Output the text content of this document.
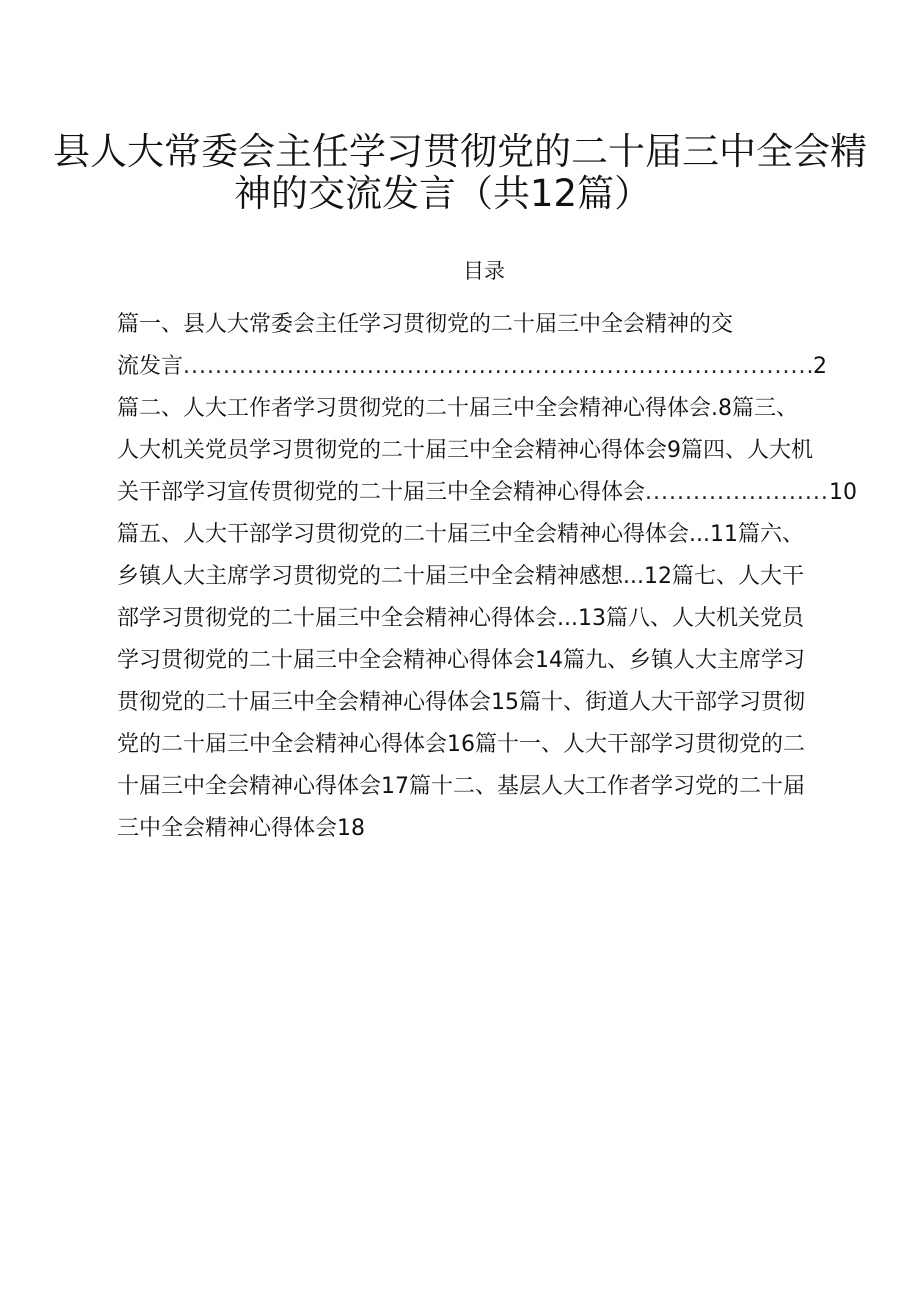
县人大常委会主任学习贯彻党的二十届三中全会精
神的交流发言（共12篇）
目录
篇一、县人大常委会主任学习贯彻党的二十届三中全会精神的交
流发言 .....	2
篇二、人大工作者学习贯彻党的二十届三中全会精神心得体会.8篇三、
人大机关党员学习贯彻党的二十届三中全会精神心得体会9篇四、人大机
关干部学习宣传贯彻党的二十届三中全会精神心得体会 .....	10
篇五、人大干部学习贯彻党的二十届三中全会精神心得体会...11篇六、
乡镇人大主席学习贯彻党的二十届三中全会精神感想...12篇七、人大干
部学习贯彻党的二十届三中全会精神心得体会...13篇八、人大机关党员
学习贯彻党的二十届三中全会精神心得体会14篇九、乡镇人大主席学习
贯彻党的二十届三中全会精神心得体会15篇十、街道人大干部学习贯彻
党的二十届三中全会精神心得体会16篇十一、人大干部学习贯彻党的二
十届三中全会精神心得体会17篇十二、基层人大工作者学习党的二十届
三中全会精神心得体会18
